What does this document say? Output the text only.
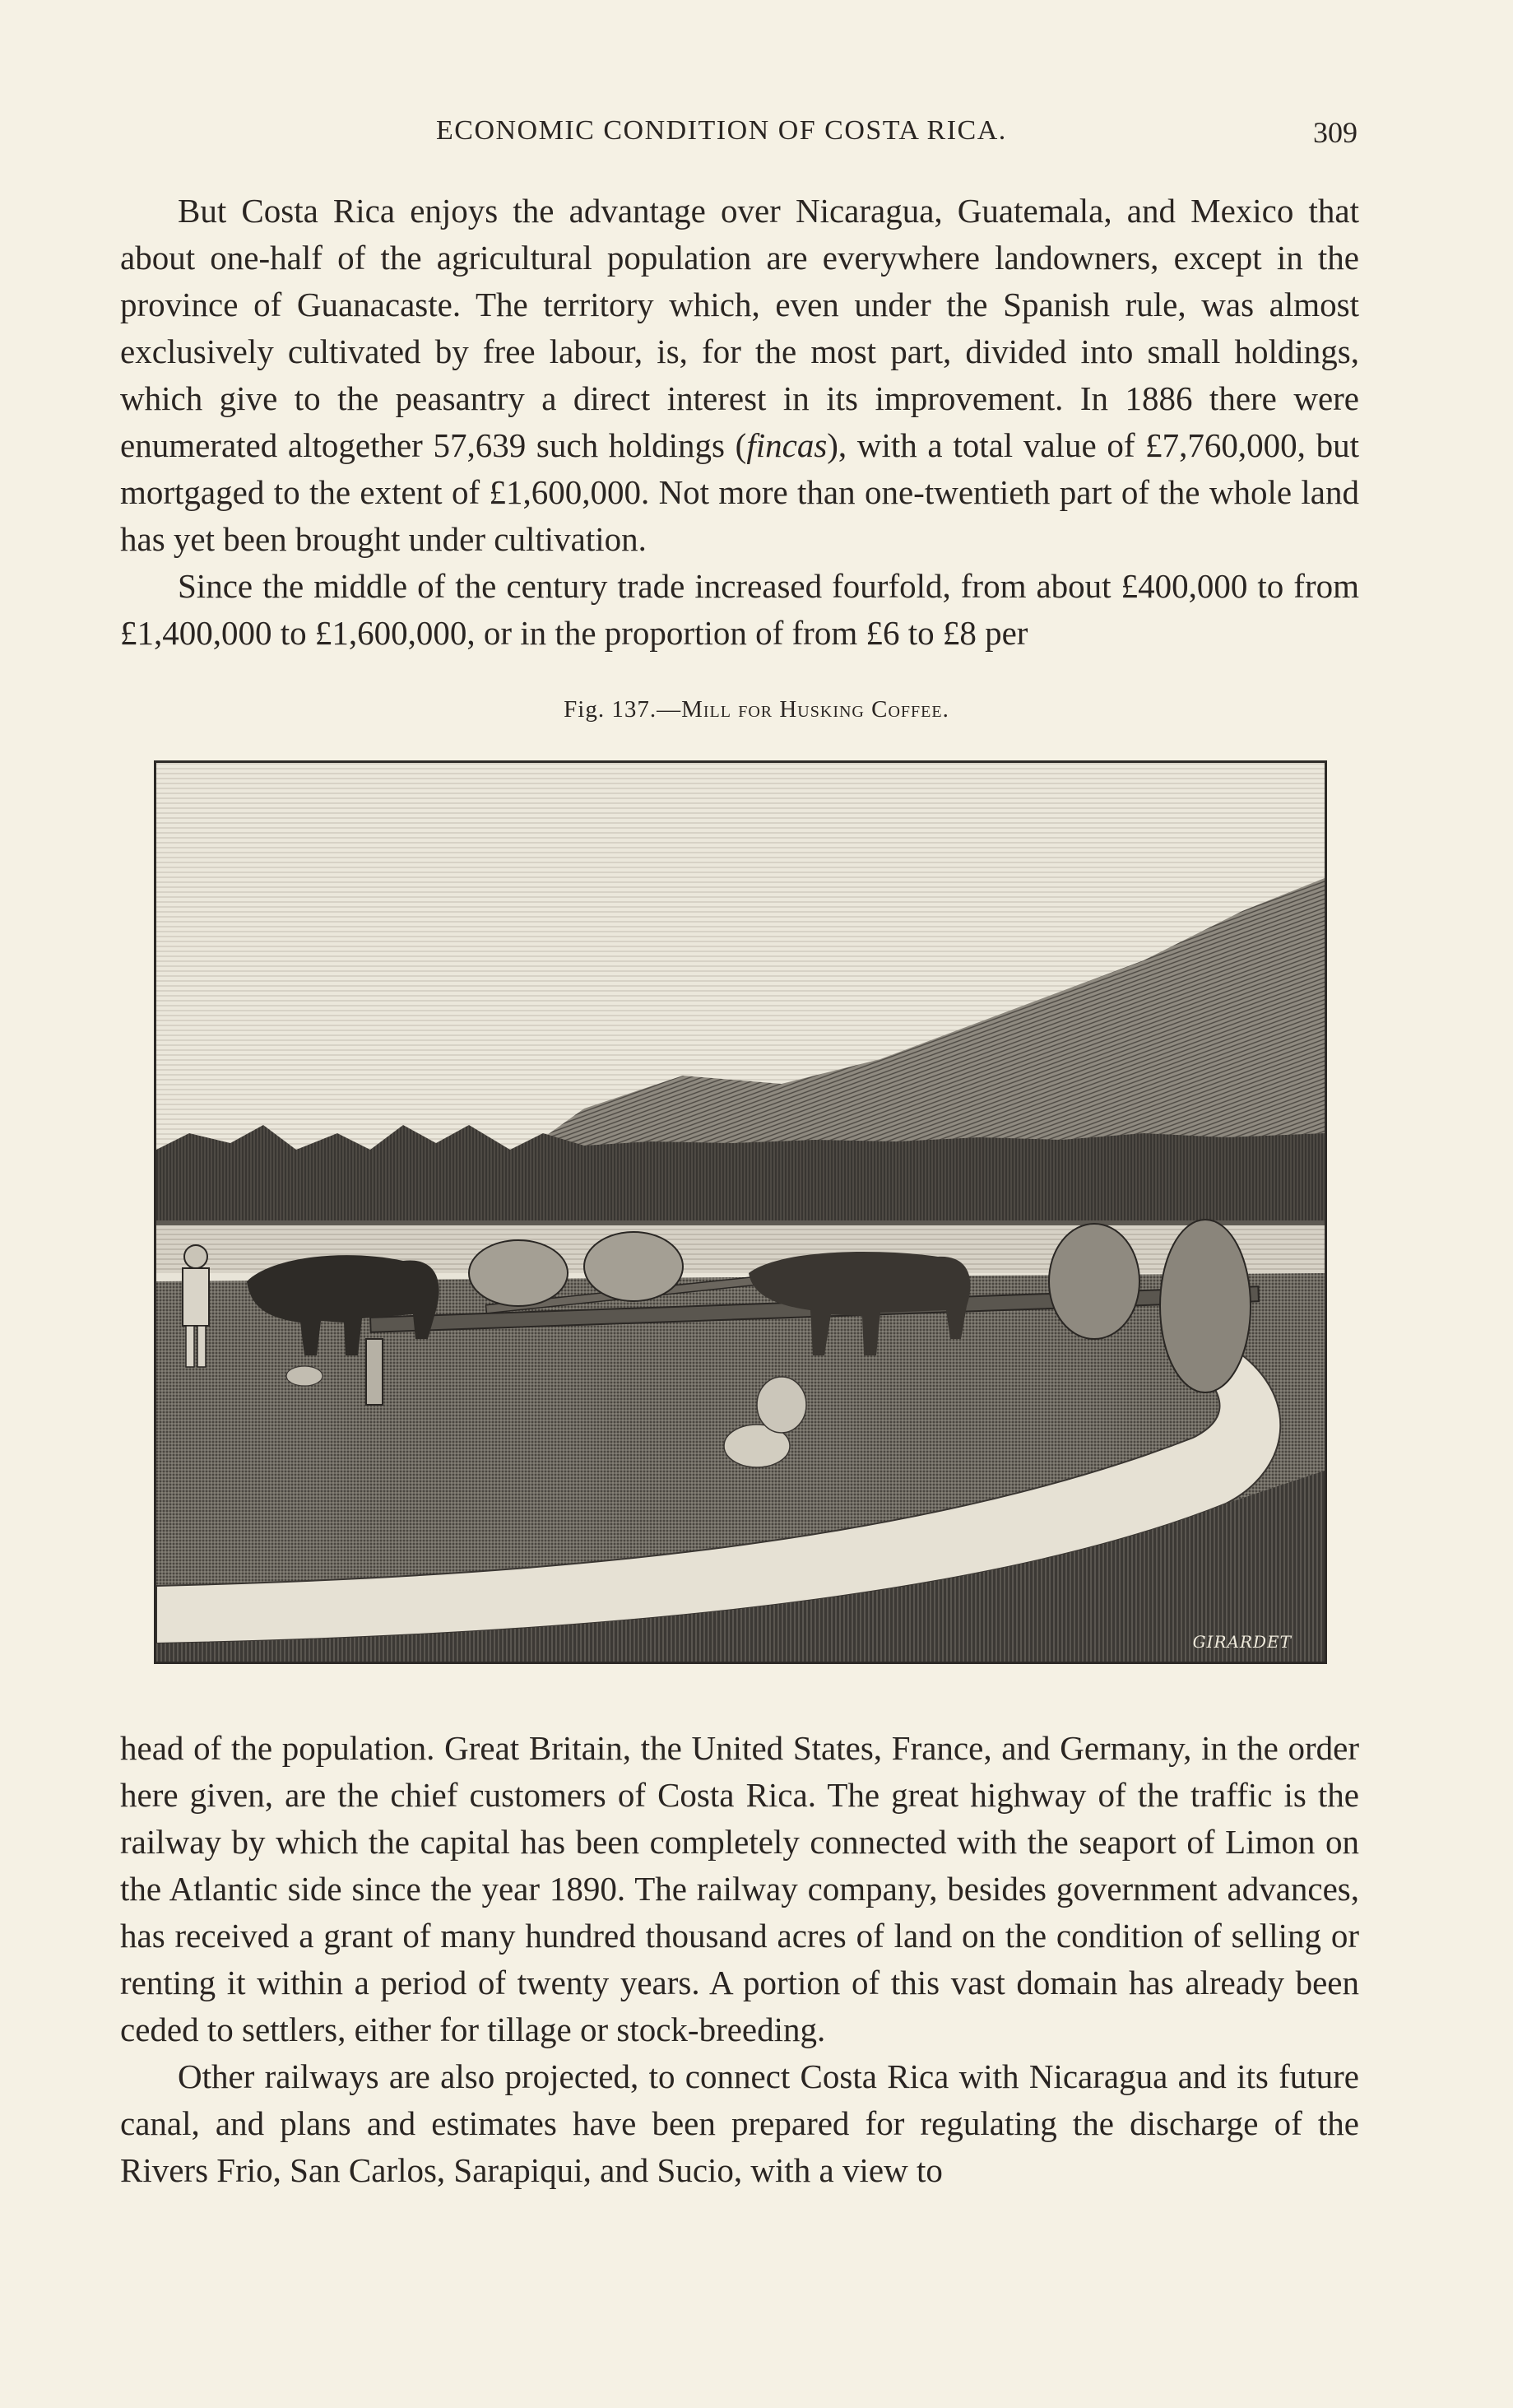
ECONOMIC CONDITION OF COSTA RICA.	309

But Costa Rica enjoys the advantage over Nicaragua, Guatemala, and Mexico that about one-half of the agricultural population are everywhere landowners, except in the province of Guanacaste. The territory which, even under the Spanish rule, was almost exclusively cultivated by free labour, is, for the most part, divided into small holdings, which give to the peasantry a direct interest in its improvement. In 1886 there were enumerated altogether 57,639 such holdings (fincas), with a total value of £7,760,000, but mortgaged to the extent of £1,600,000. Not more than one-twentieth part of the whole land has yet been brought under cultivation.

Since the middle of the century trade increased fourfold, from about £400,000 to from £1,400,000 to £1,600,000, or in the proportion of from £6 to £8 per

Fig. 137.—Mill for Husking Coffee.
GIRARDET

head of the population. Great Britain, the United States, France, and Germany, in the order here given, are the chief customers of Costa Rica. The great highway of the traffic is the railway by which the capital has been completely connected with the seaport of Limon on the Atlantic side since the year 1890. The railway company, besides government advances, has received a grant of many hundred thousand acres of land on the condition of selling or renting it within a period of twenty years. A portion of this vast domain has already been ceded to settlers, either for tillage or stock-breeding.

Other railways are also projected, to connect Costa Rica with Nicaragua and its future canal, and plans and estimates have been prepared for regulating the discharge of the Rivers Frio, San Carlos, Sarapiqui, and Sucio, with a view to
